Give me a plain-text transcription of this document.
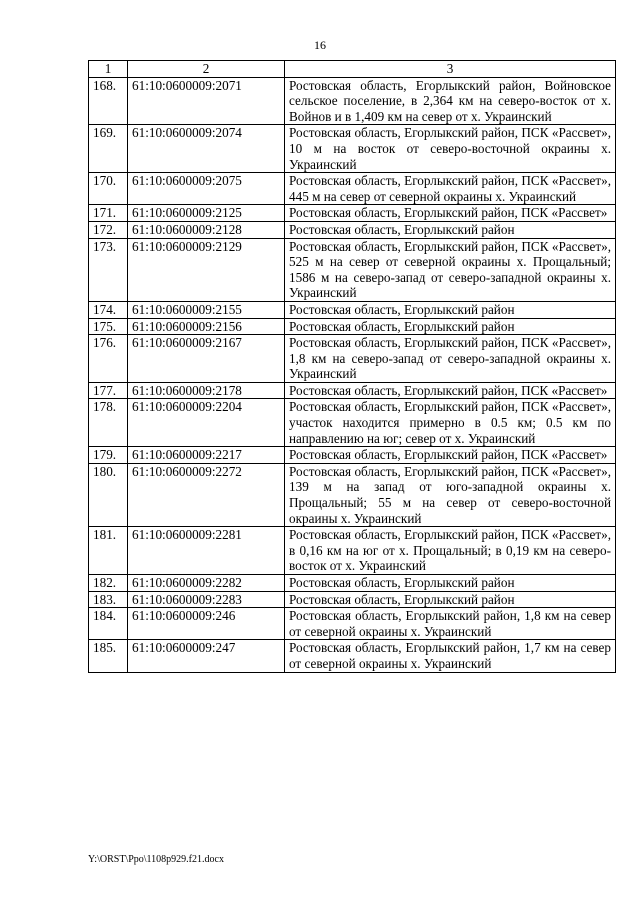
16
1	2	3
168.	61:10:0600009:2071	Ростовская область, Егорлыкский район, Войновское сельское поселение, в 2,364 км на северо-восток от х. Войнов и в 1,409 км на север от х. Украинский
169.	61:10:0600009:2074	Ростовская область, Егорлыкский район, ПСК «Рассвет», 10 м на восток от северо-восточной окраины х. Украинский
170.	61:10:0600009:2075	Ростовская область, Егорлыкский район, ПСК «Рассвет», 445 м на север от северной окраины х. Украинский
171.	61:10:0600009:2125	Ростовская область, Егорлыкский район, ПСК «Рассвет»
172.	61:10:0600009:2128	Ростовская область, Егорлыкский район
173.	61:10:0600009:2129	Ростовская область, Егорлыкский район, ПСК «Рассвет», 525 м на север от северной окраины х. Прощальный; 1586 м на северо-запад от северо-западной окраины х. Украинский
174.	61:10:0600009:2155	Ростовская область, Егорлыкский район
175.	61:10:0600009:2156	Ростовская область, Егорлыкский район
176.	61:10:0600009:2167	Ростовская область, Егорлыкский район, ПСК «Рассвет», 1,8 км на северо-запад от северо-западной окраины х. Украинский
177.	61:10:0600009:2178	Ростовская область, Егорлыкский район, ПСК «Рассвет»
178.	61:10:0600009:2204	Ростовская область, Егорлыкский район, ПСК «Рассвет», участок находится примерно в 0.5 км; 0.5 км по направлению на юг; север от х. Украинский
179.	61:10:0600009:2217	Ростовская область, Егорлыкский район, ПСК «Рассвет»
180.	61:10:0600009:2272	Ростовская область, Егорлыкский район, ПСК «Рассвет», 139 м на запад от юго-западной окраины х. Прощальный; 55 м на север от северо-восточной окраины х. Украинский
181.	61:10:0600009:2281	Ростовская область, Егорлыкский район, ПСК «Рассвет», в 0,16 км на юг от х. Прощальный; в 0,19 км на северо-восток от х. Украинский
182.	61:10:0600009:2282	Ростовская область, Егорлыкский район
183.	61:10:0600009:2283	Ростовская область, Егорлыкский район
184.	61:10:0600009:246	Ростовская область, Егорлыкский район, 1,8 км на север от северной окраины х. Украинский
185.	61:10:0600009:247	Ростовская область, Егорлыкский район, 1,7 км на север от северной окраины х. Украинский
Y:\ORST\Ppo\1108p929.f21.docx
